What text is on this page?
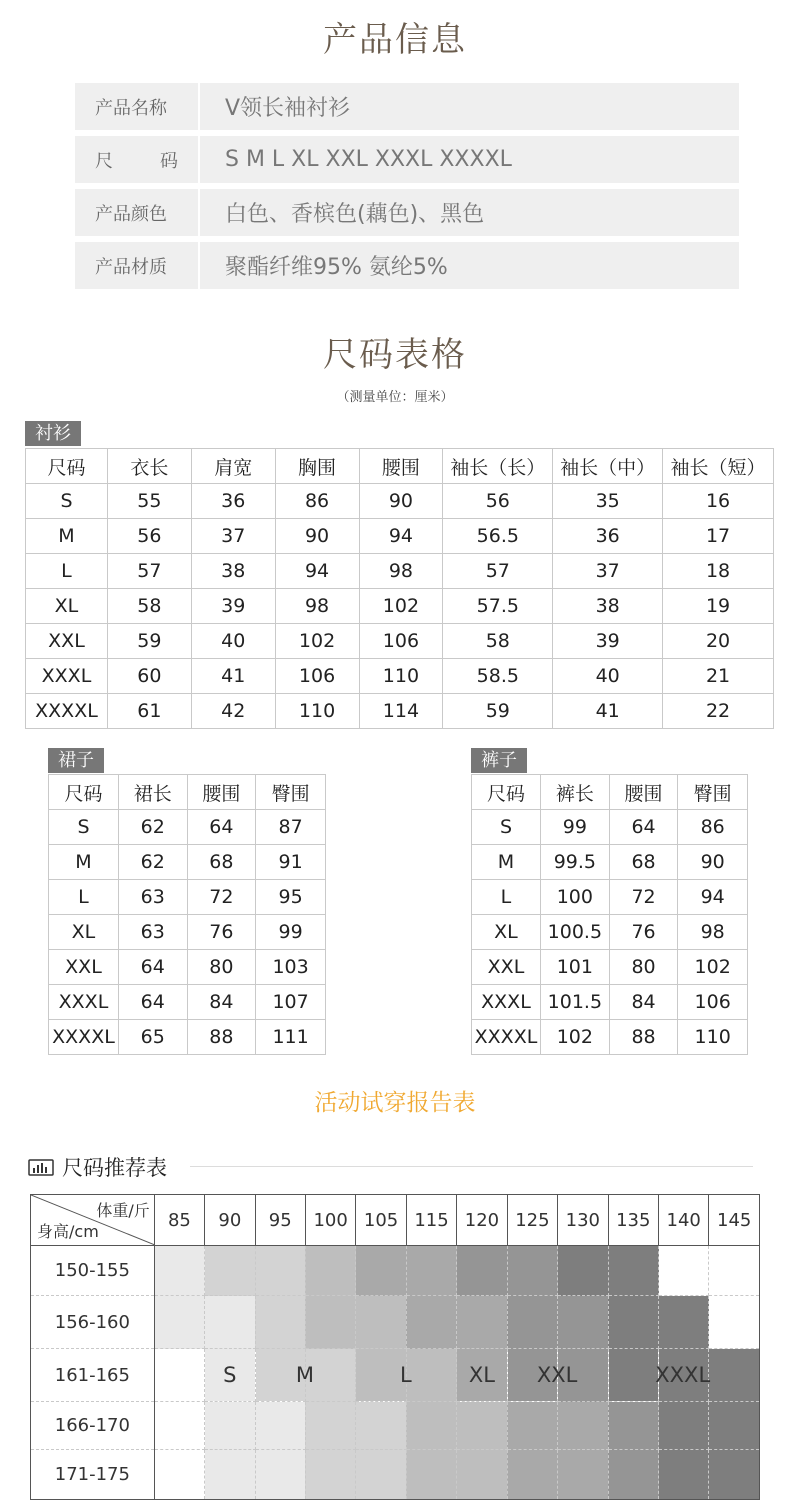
产品信息
产品名称	V领长袖衬衫
尺	码	S M L XL XXL XXXL XXXXL
产品颜色	白色、香槟色(藕色)、黑色
产品材质	聚酯纤维95% 氨纶5%
尺码表格
（测量单位：厘米）
衬衫
尺码	衣长	肩宽	胸围	腰围	袖长（长）	袖长（中）	袖长（短）
S	55	36	86	90	56	35	16
M	56	37	90	94	56.5	36	17
L	57	38	94	98	57	37	18
XL	58	39	98	102	57.5	38	19
XXL	59	40	102	106	58	39	20
XXXL	60	41	106	110	58.5	40	21
XXXXL	61	42	110	114	59	41	22
裙子
尺码	裙长	腰围	臀围
S	62	64	87
M	62	68	91
L	63	72	95
XL	63	76	99
XXL	64	80	103
XXXL	64	84	107
XXXXL	65	88	111
裤子
尺码	裤长	腰围	臀围
S	99	64	86
M	99.5	68	90
L	100	72	94
XL	100.5	76	98
XXL	101	80	102
XXXL	101.5	84	106
XXXXL	102	88	110
活动试穿报告表
尺码推荐表
体重/斤
身高/cm	85	90	95	100	105	115	120	125	130	135	140	145
150-155												
156-160												
161-165		S	M		L		XL	XXL		XXXL		

166-170												
171-175												
